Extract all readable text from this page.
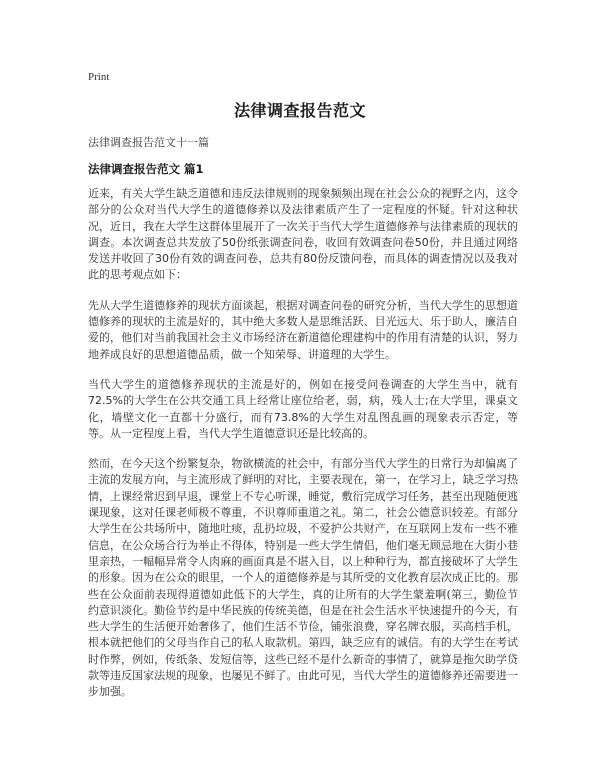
Print
法律调查报告范文
法律调查报告范文十一篇
法律调查报告范文 篇1

近来，有关大学生缺乏道德和违反法律规则的现象频频出现在社会公众的视野之内，这令部分的公众对当代大学生的道德修养以及法律素质产生了一定程度的怀疑。针对这种状况，近日，我在大学生这群体里展开了一次关于当代大学生道德修养与法律素质的现状的调查。本次调查总共发放了50份纸张调查问卷，收回有效调查问卷50份，并且通过网络发送并收回了30份有效的调查问卷，总共有80份反馈问卷，而具体的调查情况以及我对此的思考观点如下：

先从大学生道德修养的现状方面谈起，根据对调查问卷的研究分析，当代大学生的思想道德修养的现状的主流是好的，其中绝大多数人是思维活跃、目光远大、乐于助人，廉洁自爱的，他们对当前我国社会主义市场经济在新道德伦理建构中的作用有清楚的认识，努力地养成良好的思想道德品质，做一个知荣辱、讲道理的大学生。

当代大学生的道德修养现状的主流是好的，例如在接受问卷调查的大学生当中，就有72.5%的大学生在公共交通工具上经常让座位给老，弱，病，残人士;在大学里，课桌文化，墙壁文化一直都十分盛行，而有73.8%的大学生对乱图乱画的现象表示否定，等等。从一定程度上看，当代大学生道德意识还是比较高的。

然而，在今天这个纷繁复杂，物欲横流的社会中，有部分当代大学生的日常行为却偏离了主流的发展方向，与主流形成了鲜明的对比，主要表现在，第一，在学习上，缺乏学习热情，上课经常迟到早退，课堂上不专心听课，睡觉，敷衍完成学习任务，甚至出现随便逃课现象，这对任课老师极不尊重，不识尊师重道之礼。第二，社会公德意识较差。有部分大学生在公共场所中，随地吐痰，乱扔垃圾，不爱护公共财产，在互联网上发布一些不雅信息，在公众场合行为举止不得体，特别是一些大学生情侣，他们毫无顾忌地在大街小巷里亲热，一幅幅异常令人肉麻的画面真是不堪入目，以上种种行为，都直接破坏了大学生的形象。因为在公众的眼里，一个人的道德修养是与其所受的文化教育层次成正比的。那些在公众面前表现得道德如此低下的大学生，真的让所有的大学生蒙羞啊(第三，勤俭节约意识淡化。勤俭节约是中华民族的传统美德，但是在社会生活水平快速提升的今天，有些大学生的生活便开始奢侈了，他们生活不节俭，铺张浪费，穿名牌衣服，买高档手机，根本就把他们的父母当作自己的私人取款机。第四，缺乏应有的诚信。有的大学生在考试时作弊，例如，传纸条、发短信等，这些已经不是什么新奇的事情了，就算是拖欠助学贷款等违反国家法规的现象，也屡见不鲜了。由此可见，当代大学生的道德修养还需要进一步加强。
